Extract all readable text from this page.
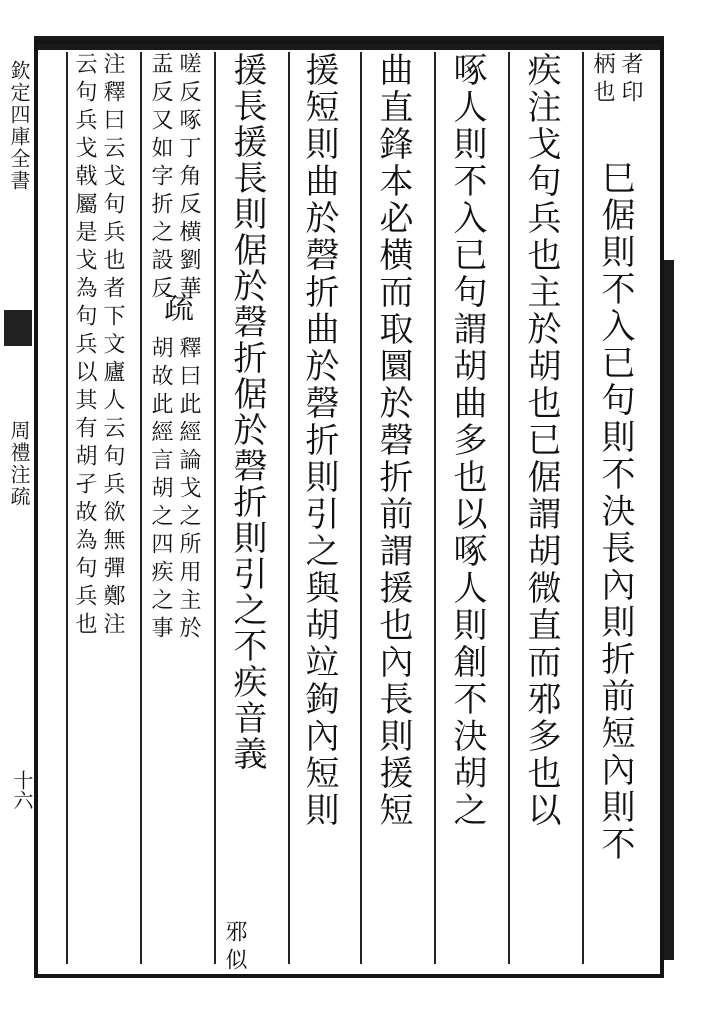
欽定四庫全書
周禮注疏
十六
者印
柄也
巳倨則不入已句則不決長內則折前短內則不
疾注戈句兵也主於胡也已倨謂胡微直而邪多也以
啄人則不入已句謂胡曲多也以啄人則創不決胡之
曲直鋒本必横而取圜於磬折前謂援也內長則援短
援短則曲於磬折曲於磬折則引之與胡竝鉤內短則
援長援長則倨於磬折倨於磬折則引之不疾音義
邪似
嗟反啄丁角反横劉華
盂反又如字折之設反
疏
釋曰此經論戈之所用主於
胡故此經言胡之四疾之事
注釋曰云戈句兵也者下文廬人云句兵欲無彈鄭注
云句兵戈戟屬是戈為句兵以其有胡孑故為句兵也
